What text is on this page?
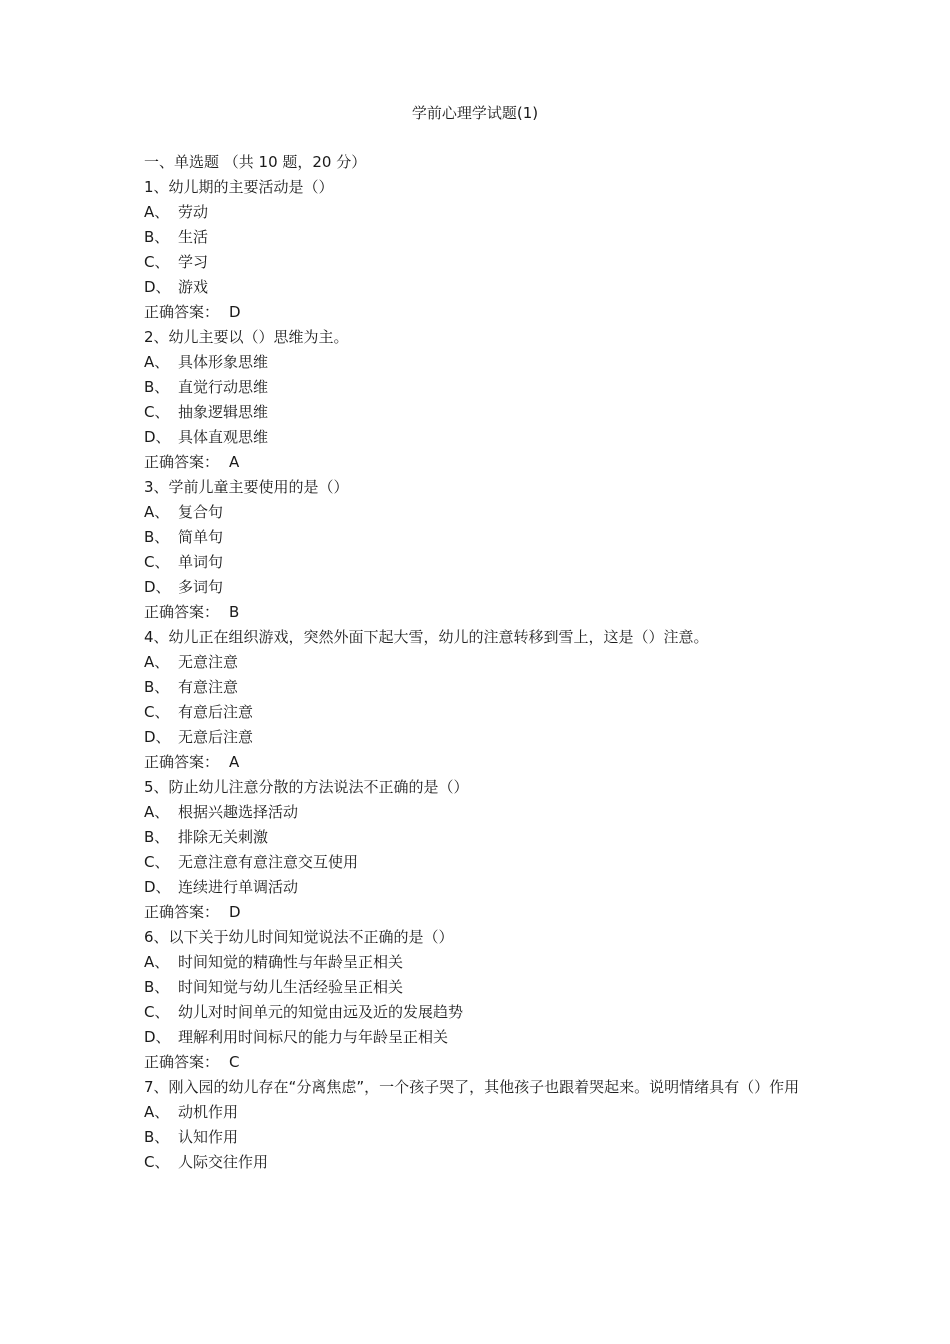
学前心理学试题(1)
一、单选题 （共 10 题，20 分）
1、幼儿期的主要活动是（）
A、 劳动
B、 生活
C、 学习
D、 游戏
正确答案： D
2、幼儿主要以（）思维为主。
A、 具体形象思维
B、 直觉行动思维
C、 抽象逻辑思维
D、 具体直观思维
正确答案： A
3、学前儿童主要使用的是（）
A、 复合句
B、 简单句
C、 单词句
D、 多词句
正确答案： B
4、幼儿正在组织游戏，突然外面下起大雪，幼儿的注意转移到雪上，这是（）注意。
A、 无意注意
B、 有意注意
C、 有意后注意
D、 无意后注意
正确答案： A
5、防止幼儿注意分散的方法说法不正确的是（）
A、 根据兴趣选择活动
B、 排除无关刺激
C、 无意注意有意注意交互使用
D、 连续进行单调活动
正确答案： D
6、以下关于幼儿时间知觉说法不正确的是（）
A、 时间知觉的精确性与年龄呈正相关
B、 时间知觉与幼儿生活经验呈正相关
C、 幼儿对时间单元的知觉由远及近的发展趋势
D、 理解利用时间标尺的能力与年龄呈正相关
正确答案： C
7、刚入园的幼儿存在“分离焦虑”，一个孩子哭了，其他孩子也跟着哭起来。说明情绪具有（）作用
A、 动机作用
B、 认知作用
C、 人际交往作用
